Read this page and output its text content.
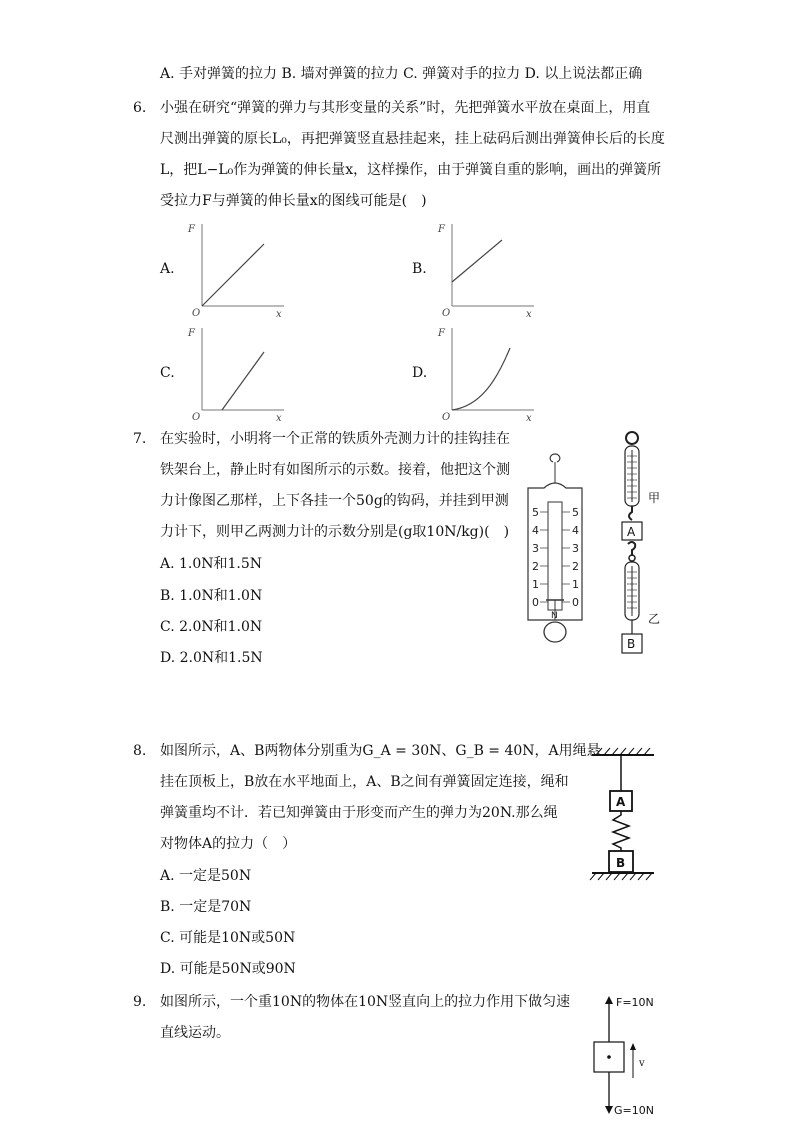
A. 手对弹簧的拉力 B. 墙对弹簧的拉力 C. 弹簧对手的拉力 D. 以上说法都正确
6. 小强在研究“弹簧的弹力与其形变量的关系”时，先把弹簧水平放在桌面上，用直
尺测出弹簧的原长L₀，再把弹簧竖直悬挂起来，挂上砝码后测出弹簧伸长后的长度
L，把L−L₀作为弹簧的伸长量x，这样操作，由于弹簧自重的影响，画出的弹簧所
受拉力F与弹簧的伸长量x的图线可能是(　)
A.	B.
C.	D.
F
O	x
F
O	x
F
O	x
F
O	x
7. 在实验时，小明将一个正常的铁质外壳测力计的挂钩挂在
铁架台上，静止时有如图所示的示数。接着，他把这个测
力计像图乙那样，上下各挂一个50g的钩码，并挂到甲测
力计下，则甲乙两测力计的示数分别是(g取10N/kg)(　)
A. 1.0N和1.5N
B. 1.0N和1.0N
C. 2.0N和1.0N
D. 2.0N和1.5N
5
4
3
2
1
0
5
4
3
2
1
0
N
A
B
甲
乙
8. 如图所示，A、B两物体分别重为G_A = 30N、G_B = 40N，A用绳悬
挂在顶板上，B放在水平地面上，A、B之间有弹簧固定连接，绳和
弹簧重均不计．若已知弹簧由于形变而产生的弹力为20N.那么绳
对物体A的拉力（　）
A. 一定是50N
B. 一定是70N
C. 可能是10N或50N
D. 可能是50N或90N
A
B
9. 如图所示，一个重10N的物体在10N竖直向上的拉力作用下做匀速
直线运动。
F=10N
G=10N
v
